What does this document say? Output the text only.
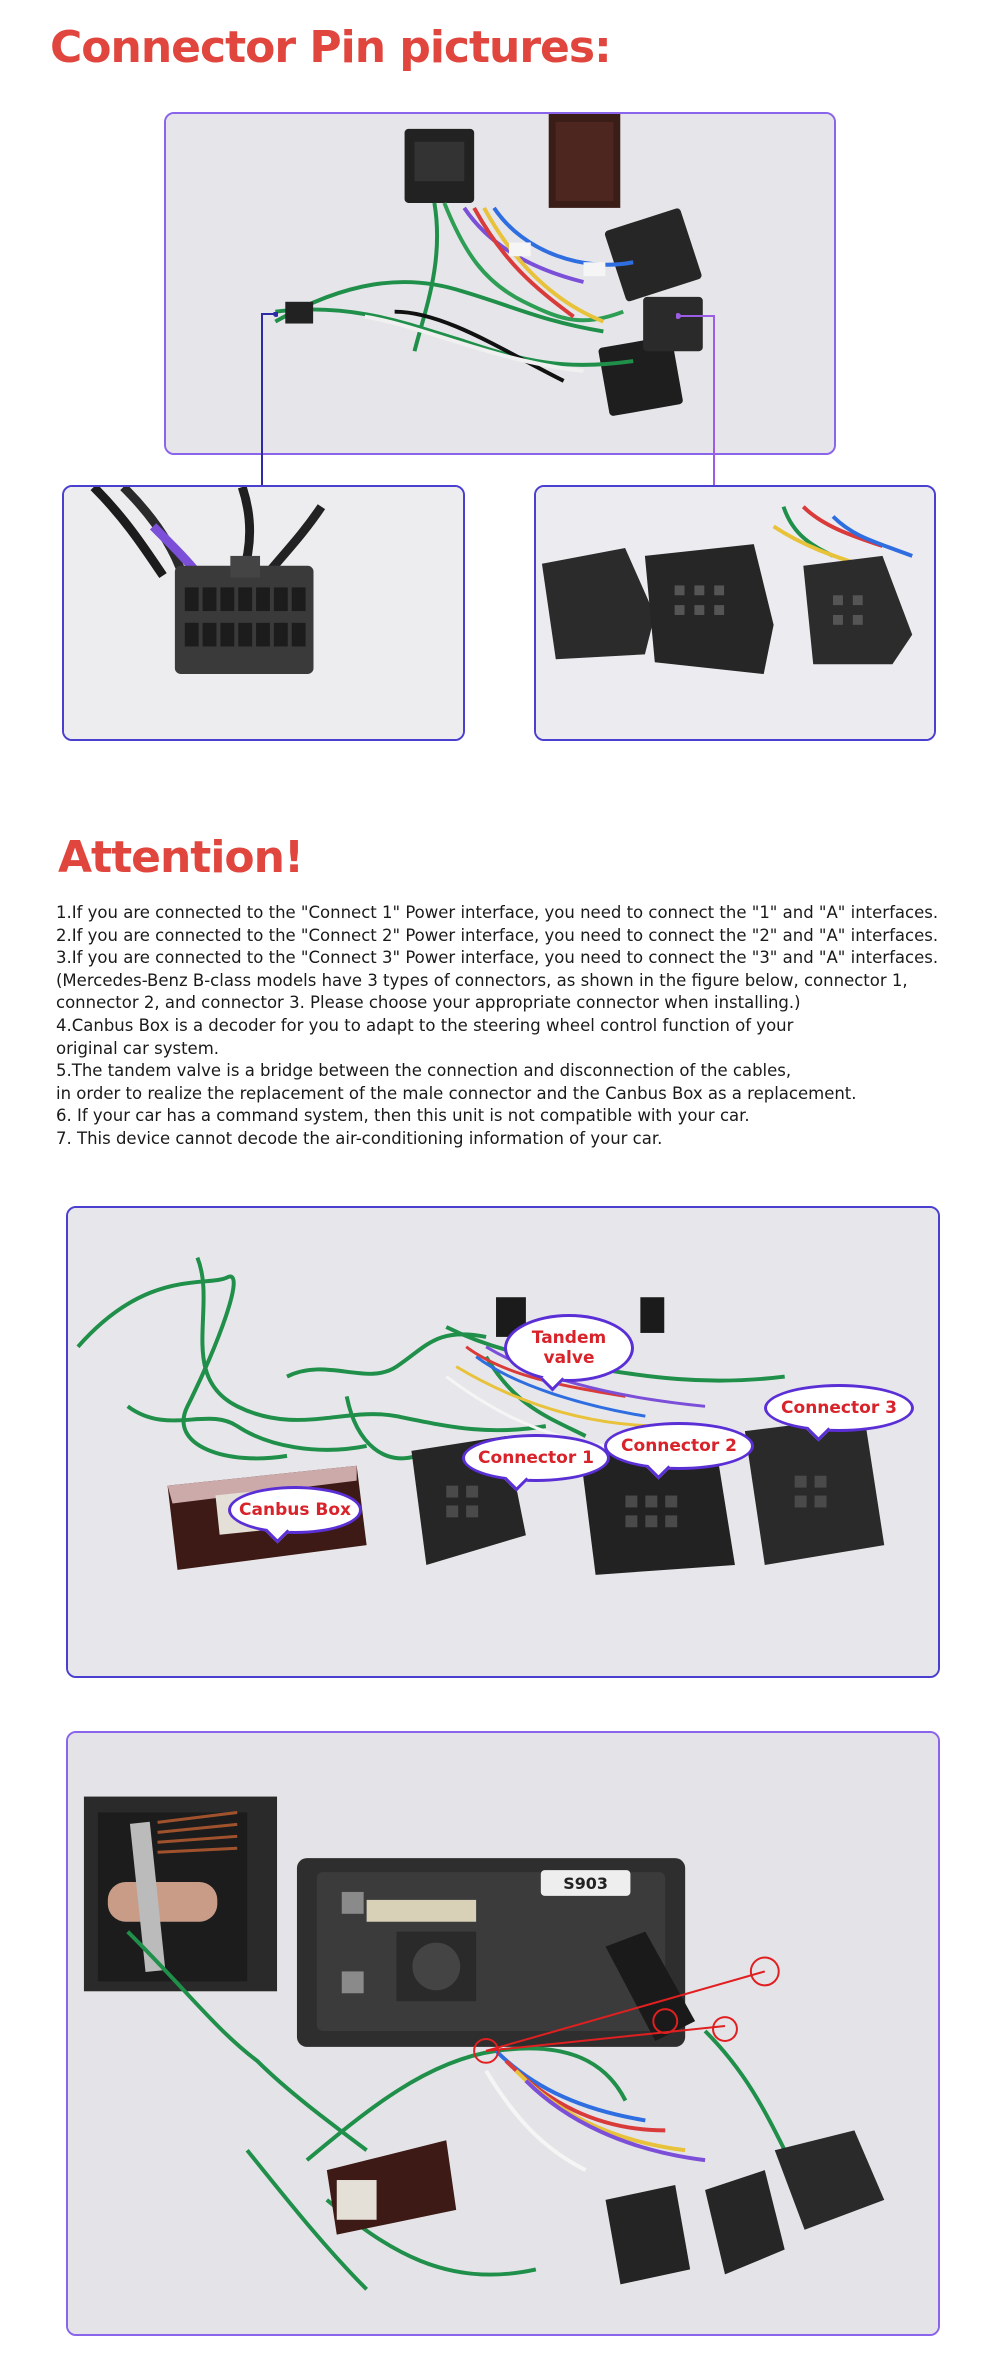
Connector Pin pictures:
Attention!
1.If you are connected to the "Connect 1" Power interface, you need to connect the "1" and "A" interfaces.
2.If you are connected to the "Connect 2" Power interface, you need to connect the "2" and "A" interfaces.
3.If you are connected to the "Connect 3" Power interface, you need to connect the "3" and "A" interfaces.
(Mercedes-Benz B-class models have 3 types of connectors, as shown in the figure below, connector 1,
connector 2, and connector 3. Please choose your appropriate connector when installing.)
4.Canbus Box is a decoder for you to adapt to the steering wheel control function of your
original car system.
5.The tandem valve is a bridge between the connection and disconnection of the cables,
in order to realize the replacement of the male connector and the Canbus Box as a replacement.
6. If your car has a command system, then this unit is not compatible with your car.
7. This device cannot decode the air-conditioning information of your car.
Tandem valve
Connector 1
Connector 2
Connector 3
Canbus Box
S903
